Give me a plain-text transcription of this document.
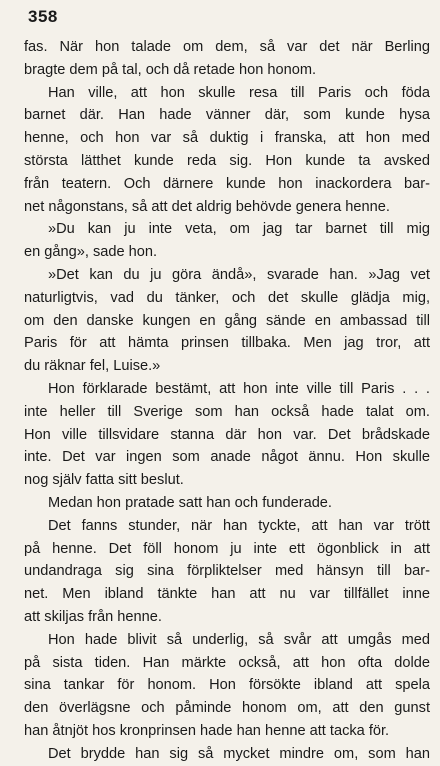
358
fas. När hon talade om dem, så var det när Berling
bragte dem på tal, och då retade hon honom.
Han ville, att hon skulle resa till Paris och föda
barnet där. Han hade vänner där, som kunde hysa
henne, och hon var så duktig i franska, att hon med
största lätthet kunde reda sig. Hon kunde ta avsked
från teatern. Och därnere kunde hon inackordera bar-
net någonstans, så att det aldrig behövde genera henne.
»Du kan ju inte veta, om jag tar barnet till mig
en gång», sade hon.
»Det kan du ju göra ändå», svarade han. »Jag vet
naturligtvis, vad du tänker, och det skulle glädja mig,
om den danske kungen en gång sände en ambassad till
Paris för att hämta prinsen tillbaka. Men jag tror, att
du räknar fel, Luise.»
Hon förklarade bestämt, att hon inte ville till Paris . . .
inte heller till Sverige som han också hade talat om.
Hon ville tillsvidare stanna där hon var. Det brådskade
inte. Det var ingen som anade något ännu. Hon skulle
nog själv fatta sitt beslut.
Medan hon pratade satt han och funderade.
Det fanns stunder, när han tyckte, att han var trött
på henne. Det föll honom ju inte ett ögonblick in att
undandraga sig sina förpliktelser med hänsyn till bar-
net. Men ibland tänkte han att nu var tillfället inne
att skiljas från henne.
Hon hade blivit så underlig, så svår att umgås med
på sista tiden. Han märkte också, att hon ofta dolde
sina tankar för honom. Hon försökte ibland att spela
den överlägsne och påminde honom om, att den gunst
han åtnjöt hos kronprinsen hade han henne att tacka för.
Det brydde han sig så mycket mindre om, som han
